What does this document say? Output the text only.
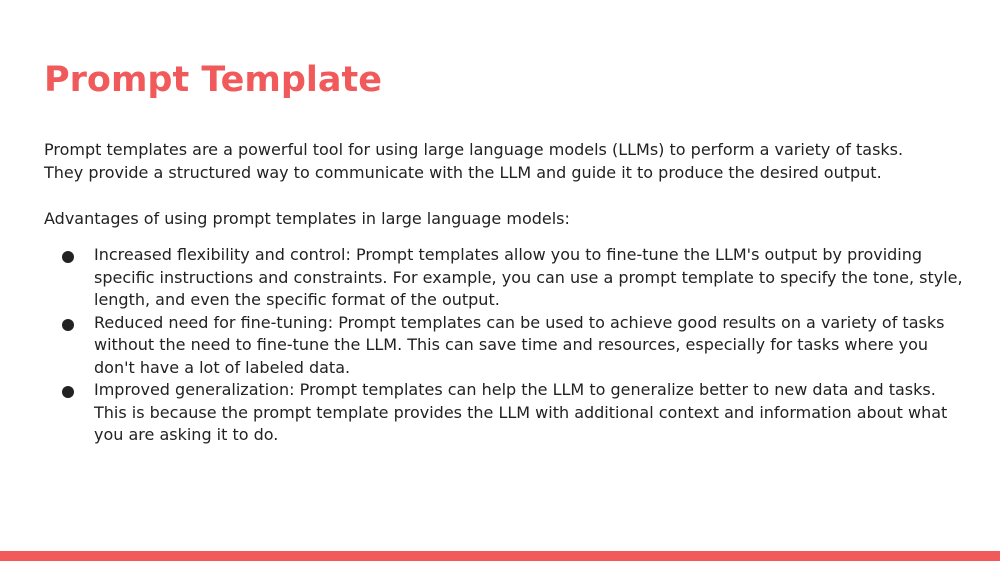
Prompt Template

Prompt templates are a powerful tool for using large language models (LLMs) to perform a variety of tasks.
They provide a structured way to communicate with the LLM and guide it to produce the desired output.

Advantages of using prompt templates in large language models:

Increased flexibility and control: Prompt templates allow you to fine-tune the LLM's output by providing specific instructions and constraints. For example, you can use a prompt template to specify the tone, style, length, and even the specific format of the output.
Reduced need for fine-tuning: Prompt templates can be used to achieve good results on a variety of tasks without the need to fine-tune the LLM. This can save time and resources, especially for tasks where you don't have a lot of labeled data.
Improved generalization: Prompt templates can help the LLM to generalize better to new data and tasks. This is because the prompt template provides the LLM with additional context and information about what you are asking it to do.
